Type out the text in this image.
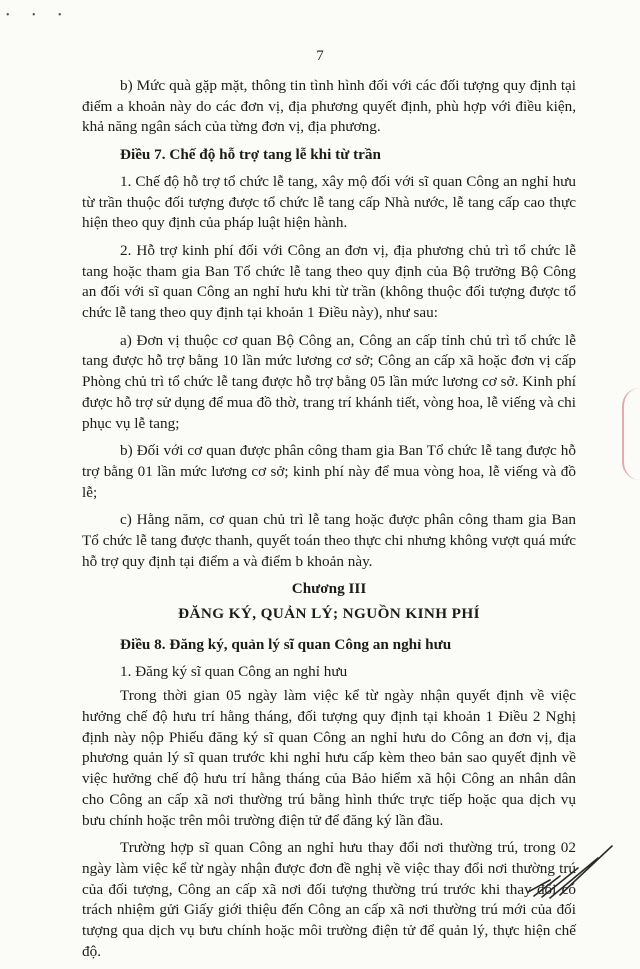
• • •
7

b) Mức quà gặp mặt, thông tin tình hình đối với các đối tượng quy định tại điểm a khoản này do các đơn vị, địa phương quyết định, phù hợp với điều kiện, khả năng ngân sách của từng đơn vị, địa phương.

Điều 7. Chế độ hỗ trợ tang lễ khi từ trần

1. Chế độ hỗ trợ tổ chức lễ tang, xây mộ đối với sĩ quan Công an nghỉ hưu từ trần thuộc đối tượng được tổ chức lễ tang cấp Nhà nước, lễ tang cấp cao thực hiện theo quy định của pháp luật hiện hành.

2. Hỗ trợ kinh phí đối với Công an đơn vị, địa phương chủ trì tổ chức lễ tang hoặc tham gia Ban Tổ chức lễ tang theo quy định của Bộ trưởng Bộ Công an đối với sĩ quan Công an nghỉ hưu khi từ trần (không thuộc đối tượng được tổ chức lễ tang theo quy định tại khoản 1 Điều này), như sau:

a) Đơn vị thuộc cơ quan Bộ Công an, Công an cấp tỉnh chủ trì tổ chức lễ tang được hỗ trợ bằng 10 lần mức lương cơ sở; Công an cấp xã hoặc đơn vị cấp Phòng chủ trì tổ chức lễ tang được hỗ trợ bằng 05 lần mức lương cơ sở. Kinh phí được hỗ trợ sử dụng để mua đồ thờ, trang trí khánh tiết, vòng hoa, lễ viếng và chi phục vụ lễ tang;

b) Đối với cơ quan được phân công tham gia Ban Tổ chức lễ tang được hỗ trợ bằng 01 lần mức lương cơ sở; kinh phí này để mua vòng hoa, lễ viếng và đồ lễ;

c) Hằng năm, cơ quan chủ trì lễ tang hoặc được phân công tham gia Ban Tổ chức lễ tang được thanh, quyết toán theo thực chi nhưng không vượt quá mức hỗ trợ quy định tại điểm a và điểm b khoản này.

Chương III

ĐĂNG KÝ, QUẢN LÝ; NGUỒN KINH PHÍ

Điều 8. Đăng ký, quản lý sĩ quan Công an nghỉ hưu

1. Đăng ký sĩ quan Công an nghỉ hưu

Trong thời gian 05 ngày làm việc kể từ ngày nhận quyết định về việc hưởng chế độ hưu trí hằng tháng, đối tượng quy định tại khoản 1 Điều 2 Nghị định này nộp Phiếu đăng ký sĩ quan Công an nghỉ hưu do Công an đơn vị, địa phương quản lý sĩ quan trước khi nghỉ hưu cấp kèm theo bản sao quyết định về việc hưởng chế độ hưu trí hằng tháng của Bảo hiểm xã hội Công an nhân dân cho Công an cấp xã nơi thường trú bằng hình thức trực tiếp hoặc qua dịch vụ bưu chính hoặc trên môi trường điện tử để đăng ký lần đầu.

Trường hợp sĩ quan Công an nghỉ hưu thay đổi nơi thường trú, trong 02 ngày làm việc kể từ ngày nhận được đơn đề nghị về việc thay đổi nơi thường trú của đối tượng, Công an cấp xã nơi đối tượng thường trú trước khi thay đổi có trách nhiệm gửi Giấy giới thiệu đến Công an cấp xã nơi thường trú mới của đối tượng qua dịch vụ bưu chính hoặc môi trường điện tử để quản lý, thực hiện chế độ.
